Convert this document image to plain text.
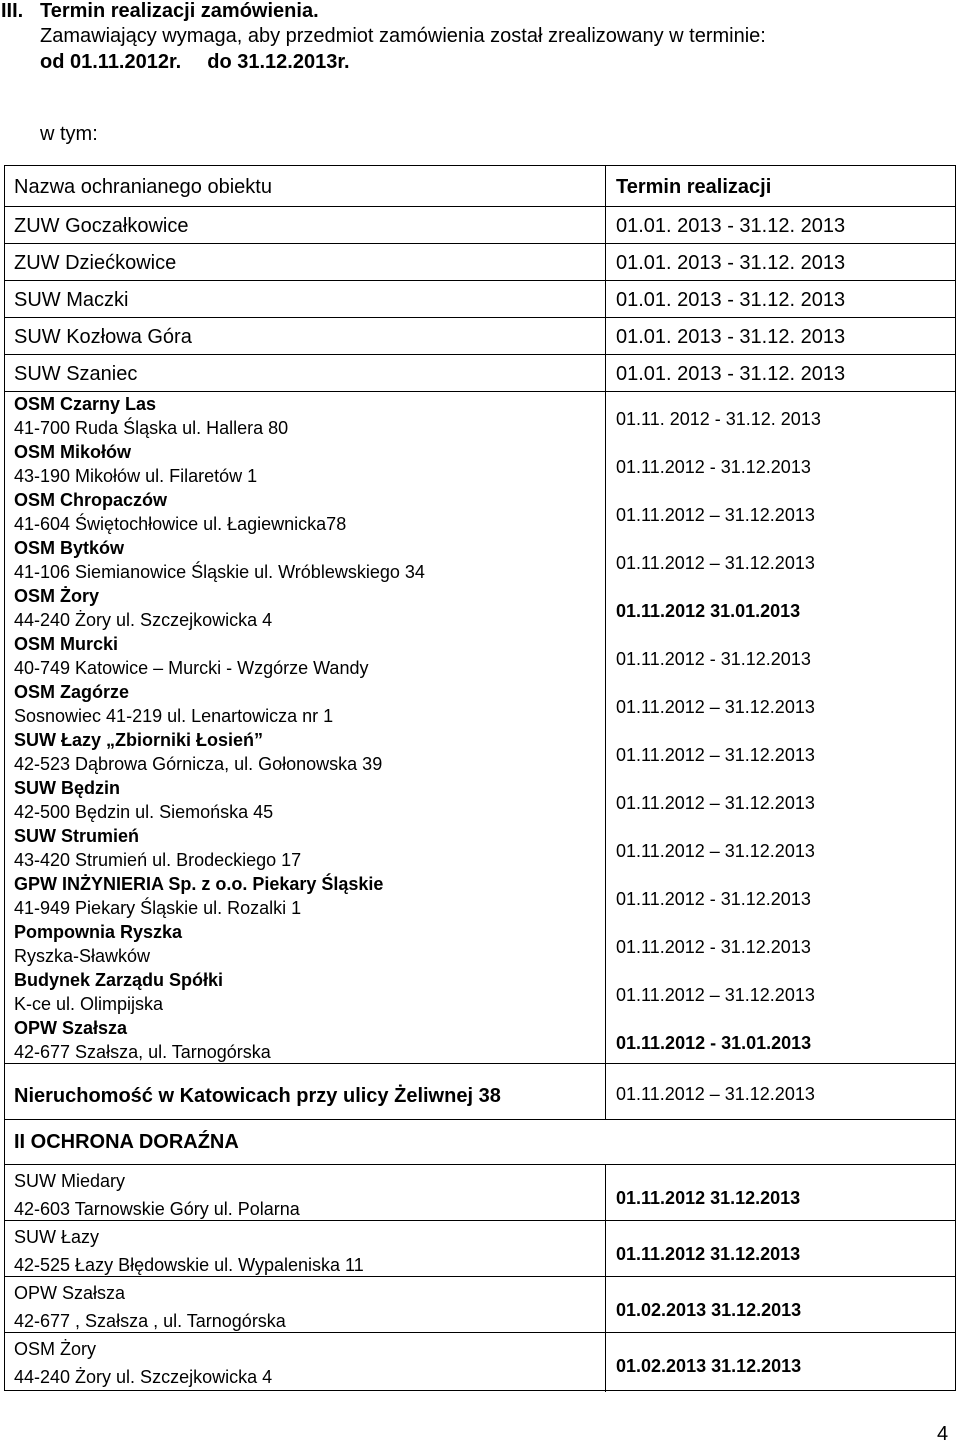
III. Termin realizacji zamówienia.
Zamawiający wymaga, aby przedmiot zamówienia został zrealizowany w terminie:
od 01.11.2012r. do 31.12.2013r.
w tym:
Nazwa ochranianego obiektu	Termin realizacji
ZUW Goczałkowice	01.01. 2013 - 31.12. 2013
ZUW Dziećkowice	01.01. 2013 - 31.12. 2013
SUW Maczki	01.01. 2013 - 31.12. 2013
SUW Kozłowa Góra	01.01. 2013 - 31.12. 2013
SUW Szaniec	01.01. 2013 - 31.12. 2013
OSM Czarny Las
41-700 Ruda Śląska ul. Hallera 80	01.11. 2012 - 31.12. 2013
OSM Mikołów
43-190 Mikołów ul. Filaretów 1	01.11.2012 - 31.12.2013
OSM Chropaczów
41-604 Świętochłowice ul. Łagiewnicka78	01.11.2012 – 31.12.2013
OSM Bytków
41-106 Siemianowice Śląskie ul. Wróblewskiego 34	01.11.2012 – 31.12.2013
OSM Żory
44-240 Żory ul. Szczejkowicka 4	01.11.2012 31.01.2013
OSM Murcki
40-749 Katowice – Murcki - Wzgórze Wandy	01.11.2012 - 31.12.2013
OSM Zagórze
Sosnowiec 41-219 ul. Lenartowicza nr 1	01.11.2012 – 31.12.2013
SUW Łazy „Zbiorniki Łosień”
42-523 Dąbrowa Górnicza, ul. Gołonowska 39	01.11.2012 – 31.12.2013
SUW Będzin
42-500 Będzin ul. Siemońska 45	01.11.2012 – 31.12.2013
SUW Strumień
43-420 Strumień ul. Brodeckiego 17	01.11.2012 – 31.12.2013
GPW INŻYNIERIA Sp. z o.o. Piekary Śląskie
41-949 Piekary Śląskie ul. Rozalki 1	01.11.2012 - 31.12.2013
Pompownia Ryszka
Ryszka-Sławków	01.11.2012 - 31.12.2013
Budynek Zarządu Spółki
K-ce ul. Olimpijska	01.11.2012 – 31.12.2013
OPW Szałsza
42-677 Szałsza, ul. Tarnogórska	01.11.2012 - 31.01.2013
Nieruchomość w Katowicach przy ulicy Żeliwnej 38	01.11.2012 – 31.12.2013
II OCHRONA DORAŹNA
SUW Miedary
42-603 Tarnowskie Góry ul. Polarna
01.11.2012 31.12.2013
SUW Łazy
42-525 Łazy Błędowskie ul. Wypaleniska 11
01.11.2012 31.12.2013
OPW Szałsza
42-677 , Szałsza , ul. Tarnogórska
01.02.2013 31.12.2013
OSM Żory
44-240 Żory ul. Szczejkowicka 4
01.02.2013 31.12.2013
4
